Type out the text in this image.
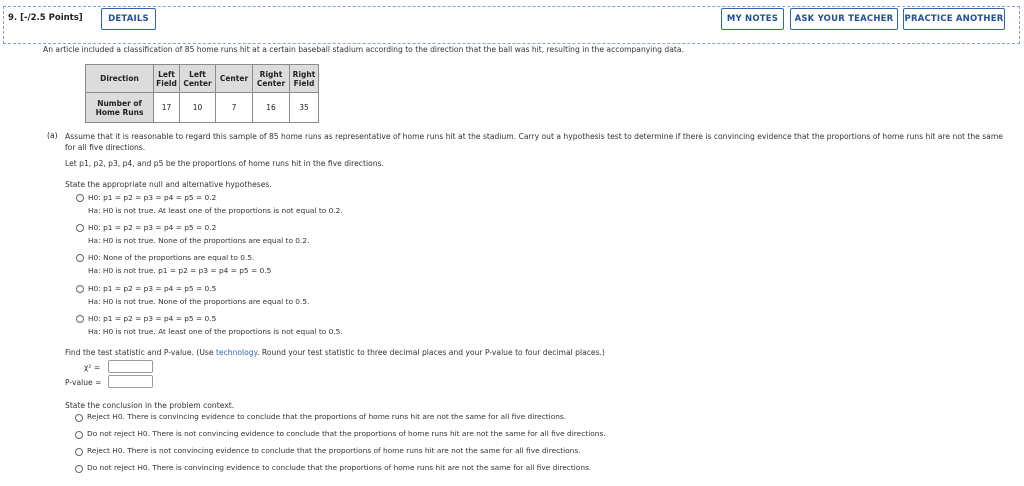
9. [-/2.5 Points]	DETAILS	MY NOTES	ASK YOUR TEACHER	PRACTICE ANOTHER
An article included a classification of 85 home runs hit at a certain baseball stadium according to the direction that the ball was hit, resulting in the accompanying data.
Direction	Left Field	Left Center	Center	Right Center	Right Field
Number of Home Runs	17	10	7	16	35
(a) Assume that it is reasonable to regard this sample of 85 home runs as representative of home runs hit at the stadium. Carry out a hypothesis test to determine if there is convincing evidence that the proportions of home runs hit are not the same for all five directions.
Let p1, p2, p3, p4, and p5 be the proportions of home runs hit in the five directions.
State the appropriate null and alternative hypotheses.
H0: p1 = p2 = p3 = p4 = p5 = 0.2
Ha: H0 is not true. At least one of the proportions is not equal to 0.2.
H0: p1 = p2 = p3 = p4 = p5 = 0.2
Ha: H0 is not true. None of the proportions are equal to 0.2.
H0: None of the proportions are equal to 0.5.
Ha: H0 is not true. p1 = p2 = p3 = p4 = p5 = 0.5
H0: p1 = p2 = p3 = p4 = p5 = 0.5
Ha: H0 is not true. None of the proportions are equal to 0.5.
H0: p1 = p2 = p3 = p4 = p5 = 0.5
Ha: H0 is not true. At least one of the proportions is not equal to 0.5.
Find the test statistic and P-value. (Use technology. Round your test statistic to three decimal places and your P-value to four decimal places.)
χ² =
P-value =
State the conclusion in the problem context.
Reject H0. There is convincing evidence to conclude that the proportions of home runs hit are not the same for all five directions.
Do not reject H0. There is not convincing evidence to conclude that the proportions of home runs hit are not the same for all five directions.
Reject H0. There is not convincing evidence to conclude that the proportions of home runs hit are not the same for all five directions.
Do not reject H0. There is convincing evidence to conclude that the proportions of home runs hit are not the same for all five directions.
